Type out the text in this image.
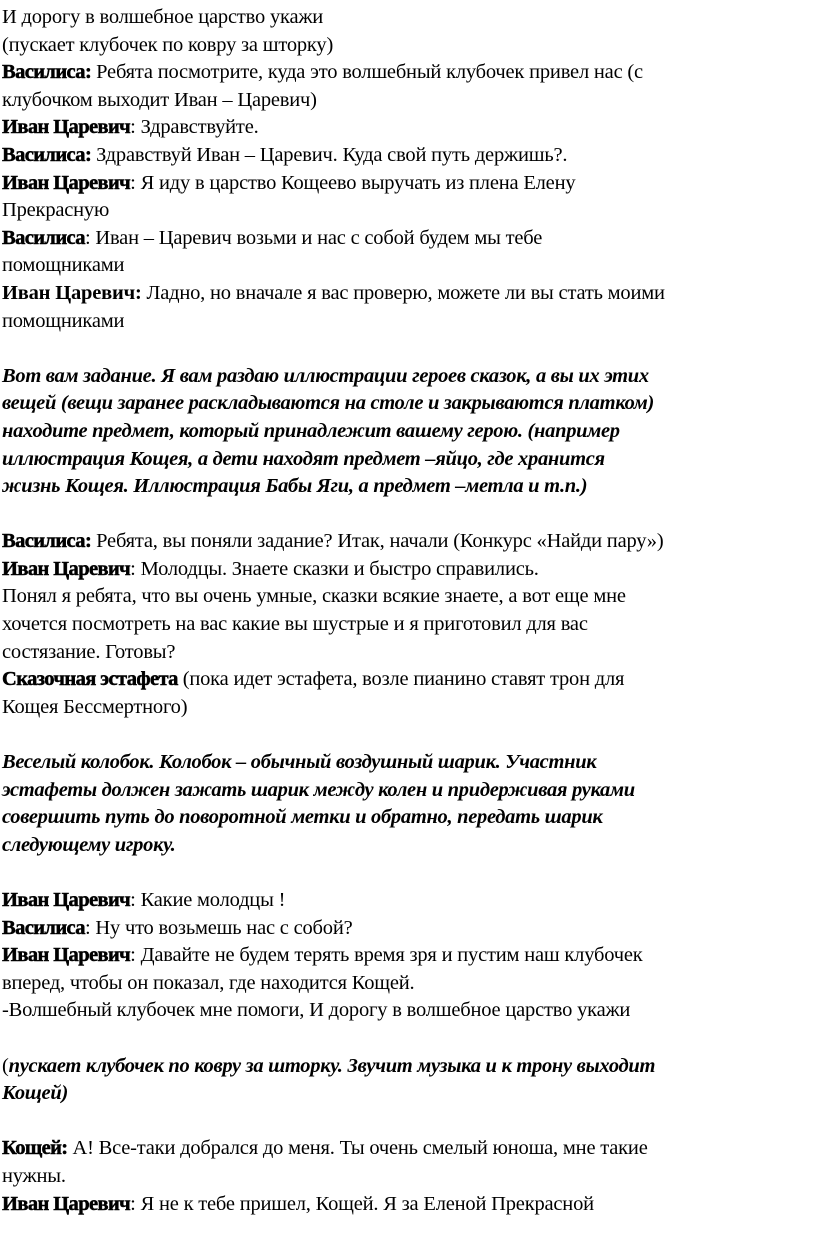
И дорогу в волшебное царство укажи
(пускает клубочек по ковру за шторку)
Василиса: Ребята посмотрите, куда это волшебный клубочек привел нас (с
клубочком выходит Иван – Царевич)
Иван Царевич: Здравствуйте.
Василиса: Здравствуй Иван – Царевич. Куда свой путь держишь?.
Иван Царевич: Я иду в царство Кощеево выручать из плена Елену
Прекрасную
Василиса: Иван – Царевич возьми и нас с собой будем мы тебе
помощниками
Иван Царевич: Ладно, но вначале я вас проверю, можете ли вы стать моими
помощниками
Вот вам задание. Я вам раздаю иллюстрации героев сказок, а вы их этих
вещей (вещи заранее раскладываются на столе и закрываются платком)
находите предмет, который принадлежит вашему герою. (например
иллюстрация Кощея, а дети находят предмет –яйцо, где хранится
жизнь Кощея. Иллюстрация Бабы Яги, а предмет –метла и т.п.)
Василиса: Ребята, вы поняли задание? Итак, начали (Конкурс «Найди пару»)
Иван Царевич: Молодцы. Знаете сказки и быстро справились.
Понял я ребята, что вы очень умные, сказки всякие знаете, а вот еще мне
хочется посмотреть на вас какие вы шустрые и я приготовил для вас
состязание. Готовы?
Сказочная эстафета (пока идет эстафета, возле пианино ставят трон для
Кощея Бессмертного)
Веселый колобок. Колобок – обычный воздушный шарик. Участник
эстафеты должен зажать шарик между колен и придерживая руками
совершить путь до поворотной метки и обратно, передать шарик
следующему игроку.
Иван Царевич: Какие молодцы !
Василиса: Ну что возьмешь нас с собой?
Иван Царевич: Давайте не будем терять время зря и пустим наш клубочек
вперед, чтобы он показал, где находится Кощей.
-Волшебный клубочек мне помоги, И дорогу в волшебное царство укажи
(пускает клубочек по ковру за шторку. Звучит музыка и к трону выходит
Кощей)
Кощей: А! Все-таки добрался до меня. Ты очень смелый юноша, мне такие
нужны.
Иван Царевич: Я не к тебе пришел, Кощей. Я за Еленой Прекрасной
